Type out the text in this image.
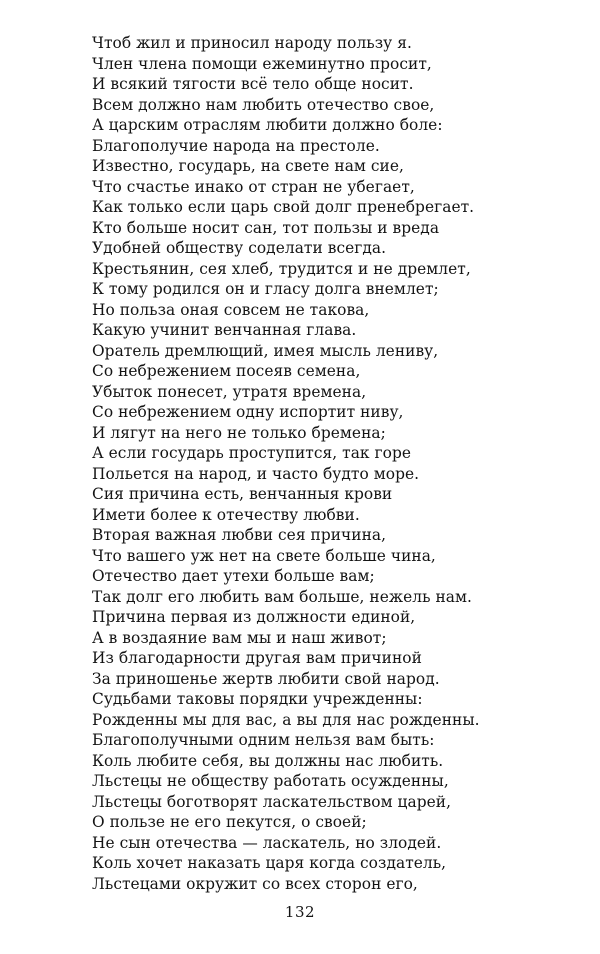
Чтоб жил и приносил народу пользу я.
Член члена помощи ежеминутно просит,
И всякий тягости всё тело обще носит.
Всем должно нам любить отечество свое,
А царским отраслям любити должно боле:
Благополучие народа на престоле.
Известно, государь, на свете нам сие,
Что счастье инако от стран не убегает,
Как только если царь свой долг пренебрегает.
Кто больше носит сан, тот пользы и вреда
Удобней обществу соделати всегда.
Крестьянин, сея хлеб, трудится и не дремлет,
К тому родился он и гласу долга внемлет;
Но польза оная совсем не такова,
Какую учинит венчанная глава.
Оратель дремлющий, имея мысль лениву,
Со небрежением посеяв семена,
Убыток понесет, утратя времена,
Со небрежением одну испортит ниву,
И лягут на него не только бремена;
А если государь проступится, так горе
Польется на народ, и часто будто море.
Сия причина есть, венчанныя крови
Имети более к отечеству любви.
Вторая важная любви сея причина,
Что вашего уж нет на свете больше чина,
Отечество дает утехи больше вам;
Так долг его любить вам больше, нежель нам.
Причина первая из должности единой,
А в воздаяние вам мы и наш живот;
Из благодарности другая вам причиной
За приношенье жертв любити свой народ.
Судьбами таковы порядки учрежденны:
Рожденны мы для вас, а вы для нас рожденны.
Благополучными одним нельзя вам быть:
Коль любите себя, вы должны нас любить.
Льстецы не обществу работать осужденны,
Льстецы боготворят ласкательством царей,
О пользе не его пекутся, о своей;
Не сын отечества — ласкатель, но злодей.
Коль хочет наказать царя когда создатель,
Льстецами окружит со всех сторон его,
132
